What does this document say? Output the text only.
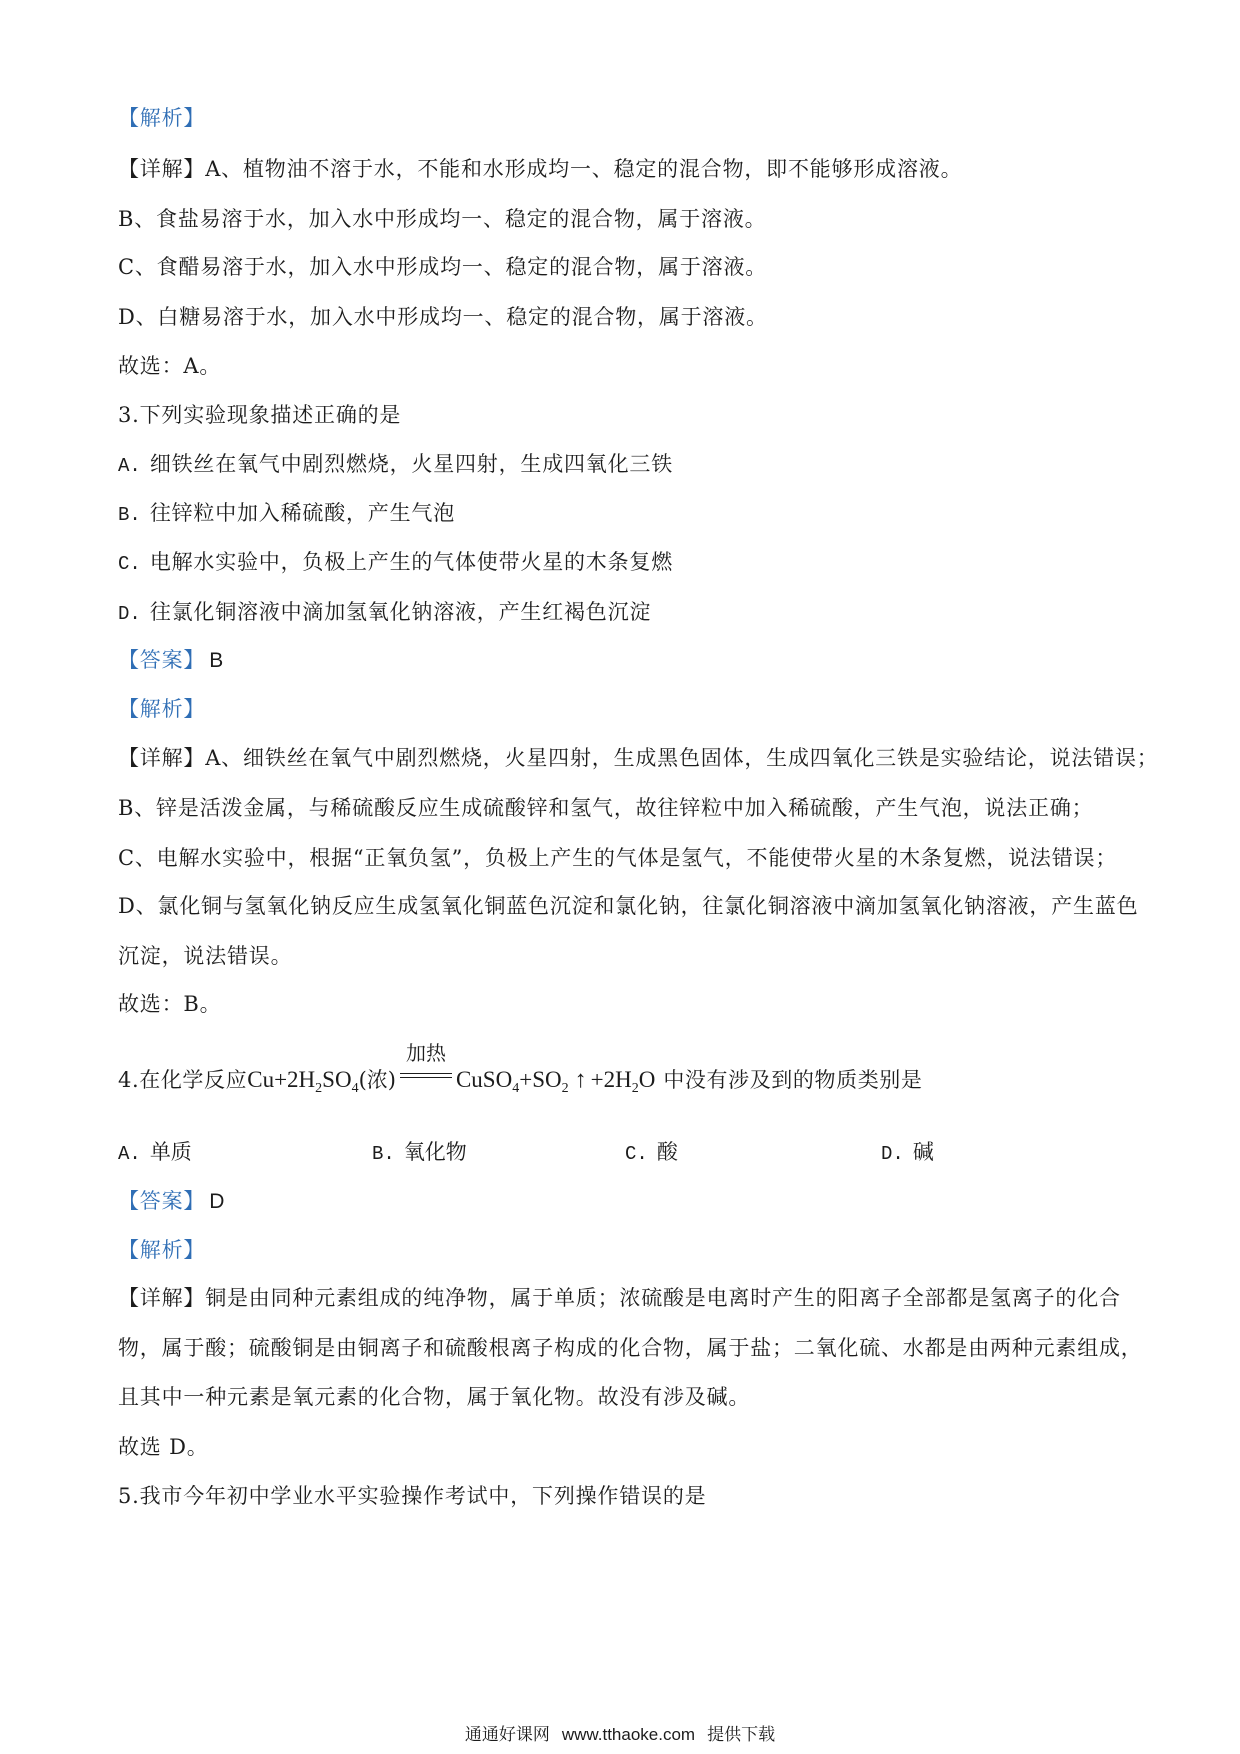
【解析】
【详解】A、植物油不溶于水，不能和水形成均一、稳定的混合物，即不能够形成溶液。
B、食盐易溶于水，加入水中形成均一、稳定的混合物，属于溶液。
C、食醋易溶于水，加入水中形成均一、稳定的混合物，属于溶液。
D、白糖易溶于水，加入水中形成均一、稳定的混合物，属于溶液。
故选：A。
3.下列实验现象描述正确的是
A. 细铁丝在氧气中剧烈燃烧，火星四射，生成四氧化三铁
B. 往锌粒中加入稀硫酸，产生气泡
C. 电解水实验中，负极上产生的气体使带火星的木条复燃
D. 往氯化铜溶液中滴加氢氧化钠溶液，产生红褐色沉淀
【答案】 B
【解析】
【详解】A、细铁丝在氧气中剧烈燃烧，火星四射，生成黑色固体，生成四氧化三铁是实验结论，说法错误；
B、锌是活泼金属，与稀硫酸反应生成硫酸锌和氢气，故往锌粒中加入稀硫酸，产生气泡，说法正确；
C、电解水实验中，根据“正氧负氢”，负极上产生的气体是氢气，不能使带火星的木条复燃，说法错误；
D、氯化铜与氢氧化钠反应生成氢氧化铜蓝色沉淀和氯化钠，往氯化铜溶液中滴加氢氧化钠溶液，产生蓝色
沉淀，说法错误。
故选：B。
4.在化学反应$Cu+2H_2SO_4$(浓)
加热
$CuSO_4+SO_2$ ↑ $+2H_2O$ 中没有涉及到的物质类别是
A. 单质	B. 氧化物	C. 酸	D. 碱
【答案】 D
【解析】
【详解】铜是由同种元素组成的纯净物，属于单质；浓硫酸是电离时产生的阳离子全部都是氢离子的化合
物，属于酸；硫酸铜是由铜离子和硫酸根离子构成的化合物，属于盐；二氧化硫、水都是由两种元素组成，
且其中一种元素是氧元素的化合物，属于氧化物。故没有涉及碱。
故选 D。
5.我市今年初中学业水平实验操作考试中，下列操作错误的是
通通好课网 www.tthaoke.com 提供下载
